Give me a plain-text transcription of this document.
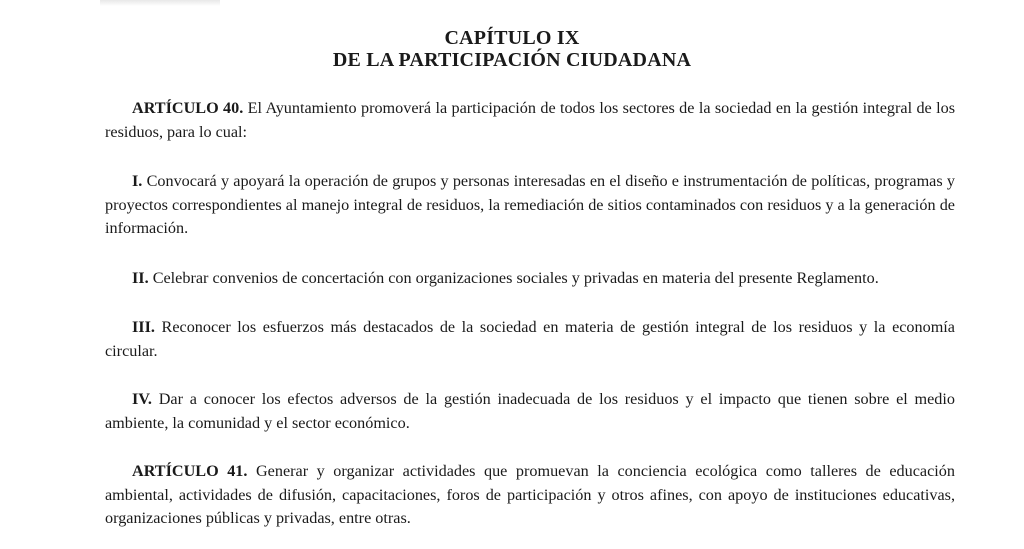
CAPÍTULO IX
DE LA PARTICIPACIÓN CIUDADANA

ARTÍCULO 40. El Ayuntamiento promoverá la participación de todos los sectores de la sociedad en la gestión integral de los residuos, para lo cual:

I. Convocará y apoyará la operación de grupos y personas interesadas en el diseño e instrumentación de políticas, programas y proyectos correspondientes al manejo integral de residuos, la remediación de sitios contaminados con residuos y a la generación de información.

II. Celebrar convenios de concertación con organizaciones sociales y privadas en materia del presente Reglamento.

III. Reconocer los esfuerzos más destacados de la sociedad en materia de gestión integral de los residuos y la economía circular.

IV. Dar a conocer los efectos adversos de la gestión inadecuada de los residuos y el impacto que tienen sobre el medio ambiente, la comunidad y el sector económico.

ARTÍCULO 41. Generar y organizar actividades que promuevan la conciencia ecológica como talleres de educación ambiental, actividades de difusión, capacitaciones, foros de participación y otros afines, con apoyo de instituciones educativas, organizaciones públicas y privadas, entre otras.
